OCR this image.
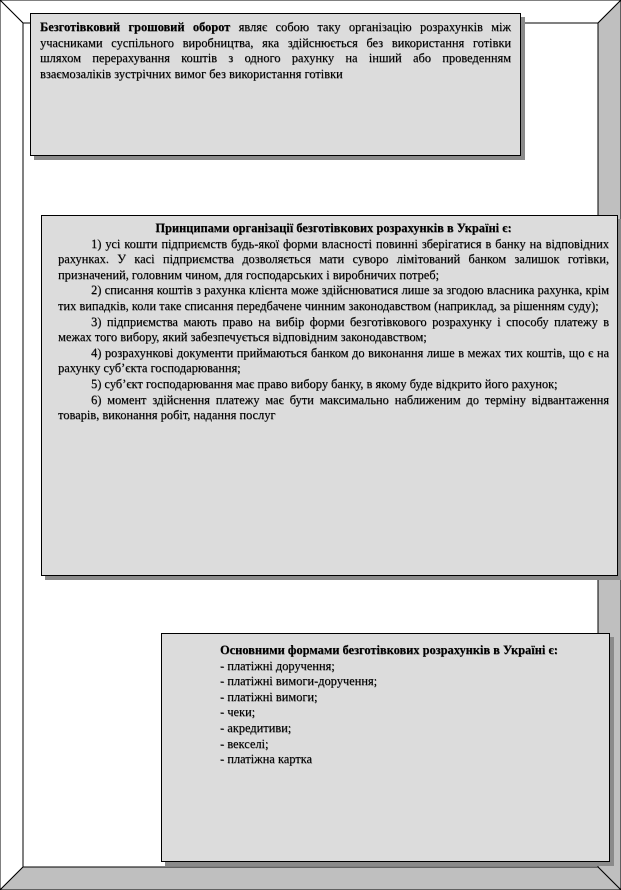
Безготівковий грошовий оборот являє собою таку організацію розрахунків між учасниками суспільного виробництва, яка здійснюється без використання готівки шляхом перерахування коштів з одного рахунку на інший або проведенням взаємозаліків зустрічних вимог без використання готівки

Принципами організації безготівкових розрахунків в Україні є:

1) усі кошти підприємств будь-якої форми власності повинні зберігатися в банку на відповідних рахунках. У касі підприємства дозволяється мати суворо лімітований банком залишок готівки, призначений, головним чином, для господарських і виробничих потреб;

2) списання коштів з рахунка клієнта може здійснюватися лише за згодою власника рахунка, крім тих випадків, коли таке списання передбачене чинним законодавством (наприклад, за рішенням суду);

3) підприємства мають право на вибір форми безготівкового розрахунку і способу платежу в межах того вибору, який забезпечується відповідним законодавством;

4) розрахункові документи приймаються банком до виконання лише в межах тих коштів, що є на рахунку суб’єкта господарювання;

5) суб’єкт господарювання має право вибору банку, в якому буде відкрито його рахунок;

6) момент здійснення платежу має бути максимально наближеним до терміну відвантаження товарів, виконання робіт, надання послуг

Основними формами безготівкових розрахунків в Україні є:

- платіжні доручення;
- платіжні вимоги-доручення;
- платіжні вимоги;
- чеки;
- акредитиви;
- векселі;
- платіжна картка
